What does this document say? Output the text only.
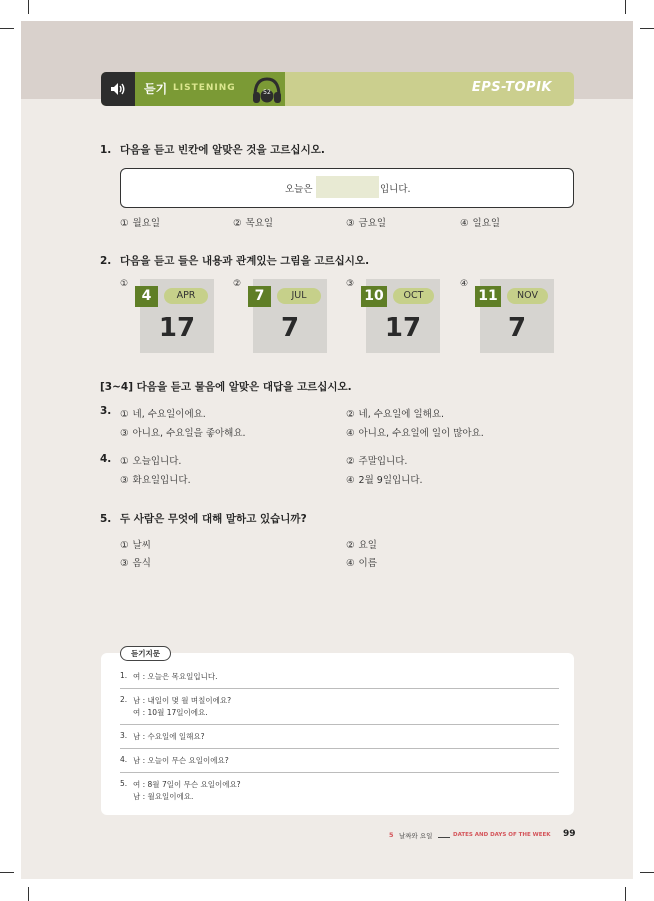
듣기 LISTENING	52	EPS-TOPIK
1. 다음을 듣고 빈칸에 알맞은 것을 고르십시오.
오늘은	입니다.
① 월요일	② 목요일	③ 금요일	④ 일요일
2. 다음을 듣고 들은 내용과 관계있는 그림을 고르십시오.
①
APR
4
17
②
JUL
7
7
③
OCT
10
17
④
NOV
11
7
[3~4] 다음을 듣고 물음에 알맞은 대답을 고르십시오.
3. ① 네, 수요일이에요.	② 네, 수요일에 일해요.
③ 아니요, 수요일을 좋아해요.	④ 아니요, 수요일에 일이 많아요.
4. ① 오늘입니다.	② 주말입니다.
③ 화요일입니다.	④ 2월 9일입니다.
5. 두 사람은 무엇에 대해 말하고 있습니까?
① 날씨	② 요일
③ 음식	④ 이름
듣기지문
1. 여 : 오늘은 목요일입니다.
2. 남 : 내일이 몇 월 며칠이에요?
여 : 10월 17일이에요.
3. 남 : 수요일에 일해요?
4. 남 : 오늘이 무슨 요일이에요?
5. 여 : 8월 7일이 무슨 요일이에요?
남 : 월요일이에요.
5 날짜와 요일	DATES AND DAYS OF THE WEEK 99
